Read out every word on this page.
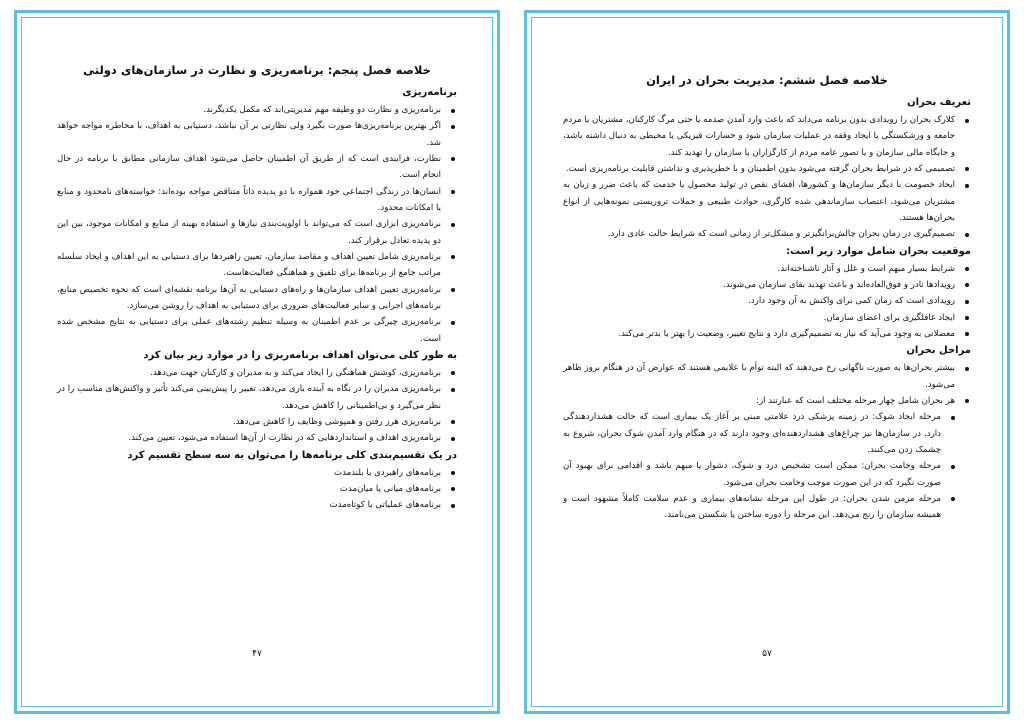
خلاصه فصل پنجم: برنامه‌ریزی و نظارت در سازمان‌های دولتی
برنامه‌ریزی
برنامه‌ریزی و نظارت دو وظیفه مهم مدیریتی‌اند که مکمل یکدیگرند.
اگر بهترین برنامه‌ریزی‌ها صورت بگیرد ولی نظارتی بر آن نباشد، دستیابی به اهداف، با مخاطره مواجه خواهد شد.
نظارت، فرایندی است که از طریق آن اطمینان حاصل می‌شود اهداف سازمانی مطابق با برنامه در حال انجام است.
انسان‌ها در زندگی اجتماعی خود همواره با دو پدیده ذاتاً متناقض مواجه بوده‌اند: خواسته‌های نامحدود و منابع یا امکانات محدود.
برنامه‌ریزی ابزاری است که می‌تواند با اولویت‌بندی نیازها و استفاده بهینه از منابع و امکانات موجود، بین این دو پدیده تعادل برقرار کند.
برنامه‌ریزی شامل تعیین اهداف و مقاصد سازمان، تعیین راهبردها برای دستیابی به این اهداف و ایجاد سلسله مراتب جامع از برنامه‌ها برای تلفیق و هماهنگی فعالیت‌هاست.
برنامه‌ریزی تعیین اهداف سازمان‌ها و راه‌های دستیابی به آن‌ها برنامه نقشه‌ای است که نحوه تخصیص منابع، برنامه‌های اجرایی و سایر فعالیت‌های ضروری برای دستیابی به اهداف را روشن می‌سازد.
برنامه‌ریزی چیرگی بر عدم اطمینان به وسیله تنظیم رشته‌های عملی برای دستیابی به نتایج مشخص شده است.
به طور کلی می‌توان اهداف برنامه‌ریزی را در موارد زیر بیان کرد
برنامه‌ریزی، کوشش هماهنگی را ایجاد می‌کند و به مدیران و کارکنان جهت می‌دهد.
برنامه‌ریزی مدیران را در نگاه به آینده یاری می‌دهد، تغییر را پیش‌بینی می‌کند تأثیر و واکنش‌های مناسب را در نظر می‌گیرد و بی‌اطمینانی را کاهش می‌دهد.
برنامه‌ریزی هرز رفتن و همپوشی وظایف را کاهش می‌دهد.
برنامه‌ریزی اهداف و استانداردهایی که در نظارت از آن‌ها استفاده می‌شود، تعیین می‌کند.
در یک تقسیم‌بندی کلی برنامه‌ها را می‌توان به سه سطح تقسیم کرد
برنامه‌های راهبردی یا بلندمدت
برنامه‌های میانی یا میان‌مدت
برنامه‌های عملیاتی یا کوتاه‌مدت
۴۷
خلاصه فصل ششم: مدیریت بحران در ایران
تعریف بحران
کلارک بحران را رویدادی بدون برنامه می‌داند که باعث وارد آمدن صدمه یا حتی مرگ کارکنان، مشتریان یا مردم جامعه و ورشکستگی یا ایجاد وقفه در عملیات سازمان شود و خسارات فیزیکی یا محیطی به دنبال داشته باشد، و جایگاه مالی سازمان و یا تصور عامه مردم از کارگزاران یا سازمان را تهدید کند.
تصمیمی که در شرایط بحران گرفته می‌شود بدون اطمینان و با خطرپذیری و نداشتن قابلیت برنامه‌ریزی است.
ایجاد خصومت با دیگر سازمان‌ها و کشورها، افشای نقص در تولید محصول یا خدمت که باعث ضرر و زیان به مشتریان می‌شود، اعتصاب سازماندهی شده کارگری، حوادث طبیعی و حملات تروریستی نمونه‌هایی از انواع بحران‌ها هستند.
تصمیم‌گیری در زمان بحران چالش‌برانگیزتر و مشکل‌تر از زمانی است که شرایط حالت عادی دارد.
موقعیت بحران شامل موارد زیر است:
شرایط بسیار مبهم است و علل و آثار ناشناخته‌اند.
رویدادها نادر و فوق‌العاده‌اند و باعث تهدید بقای سازمان می‌شوند.
رویدادی است که زمان کمی برای واکنش به آن وجود دارد.
ایجاد غافلگیری برای اعضای سازمان.
معضلاتی به وجود می‌آید که نیاز به تصمیم‌گیری دارد و نتایج تغییر، وضعیت را بهتر یا بدتر می‌کند.
مراحل بحران
بیشتر بحران‌ها به صورت ناگهانی رخ می‌دهند که البته توأم با علایمی هستند که عوارض آن در هنگام بروز ظاهر می‌شود.
هر بحران شامل چهار مرحله مختلف است که عبارتند از:
مرحله ایجاد شوک: در زمینه پزشکی درد علامتی مبنی بر آغاز یک بیماری است که حالت هشداردهندگی دارد. در سازمان‌ها نیز چراغ‌های هشداردهنده‌ای وجود دارند که در هنگام وارد آمدن شوک بحران، شروع به چشمک زدن می‌کنند.
مرحله وخامت بحران: ممکن است تشخیص درد و شوک، دشوار یا مبهم باشد و اقدامی برای بهبود آن صورت نگیرد که در این صورت موجب وخامت بحران می‌شود.
مرحله مزمن شدن بحران: در طول این مرحله نشانه‌های بیماری و عدم سلامت کاملاً مشهود است و همیشه سازمان را رنج می‌دهد. این مرحله را دوره ساختن یا شکستن می‌نامند.
۵۷
